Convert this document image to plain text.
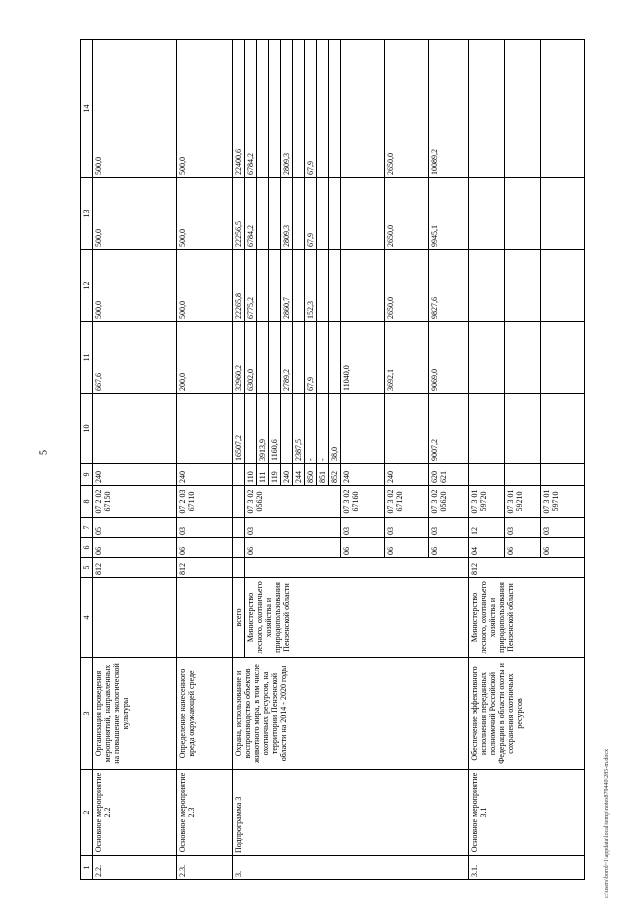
5
1	2	3	4	5	6	7	8	9	10	11	12	13	14
2.2.	Основное мероприятие 2.2	Организация проведения мероприятий, направленных на повышение экологической культуры		812	06	05	07 2 02 67150	240		667,6	500,0	500,0	500,0
2.3.	Основное мероприятие 2.3	Определение нанесенного вреда окружающей среде		812	06	03	07 2 03 67110	240		200,0	500,0	500,0	500,0
3.	Подпрограмма 3	Охрана, использование и воспроизводство объектов животного мира, в том числе охотничьих ресурсов, на территории Пензенской области на 2014 - 2020 годы	всего						16507,2	32960,2	22265,8	22256,5	22400,6
			Министерство лесного, охотничьего хозяйства и природопользования Пензенской области		06	03	07 3 02 05620	110		6302,0	6775,2	6784,2	6784,2
								111	3913,9				
								119	1160,6				
								240		2789,2	2860,7	2809,3	2809,3
								244	2387,5				
								850	-	67,9	152,3	67,9	67,9
								851	-				
								852	38,0				
					06	03	07 3 02 67160	240		11040,0			
					06	03	07 3 02 67120	240		3692,1	2650,0	2650,0	2650,0
					06	03	07 3 02 05620	620 621	9007,2	9069,0	9827,6	9945,1	10089,2
3.1.	Основное мероприятие 3.1	Обеспечение эффективного исполнения переданных полномочий Российской Федерации в области охоты и сохранения охотничьих ресурсов	Министерство лесного, охотничьего хозяйства и природопользования Пензенской области	812	04	12	07 3 01 59720						
					06	03	07 3 01 59210						
					06	03	07 3 01 59710						
c:\users\borol~1\appdata\local\temp\notes879440\285-m.docx
